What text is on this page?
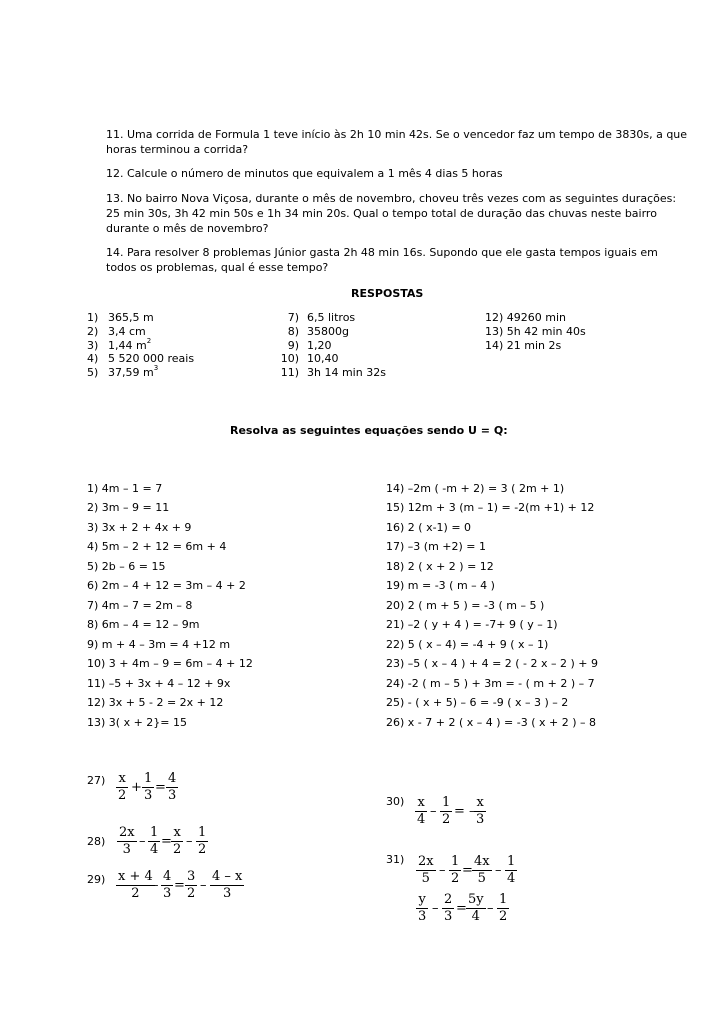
11. Uma corrida de Formula 1 teve início às 2h 10 min 42s. Se o vencedor faz um tempo de 3830s, a que
horas terminou a corrida?
12. Calcule o número de minutos que equivalem a 1 mês 4 dias 5 horas
13. No bairro Nova Viçosa, durante o mês de novembro, choveu três vezes com as seguintes durações:
25 min 30s, 3h 42 min 50s e 1h 34 min 20s. Qual o tempo total de duração das chuvas neste bairro
durante o mês de novembro?
14. Para resolver 8 problemas Júnior gasta 2h 48 min 16s. Supondo que ele gasta tempos iguais em
todos os problemas, qual é esse tempo?
RESPOSTAS
1) 365,5 m
2) 3,4 cm
3) 1,44 $m^2$
4) 5 520 000 reais
5) 37,59 $m^3$
7) 6,5 litros
8) 35800g
9) 1,20
10) 10,40
11) 3h 14 min 32s
12) 49260 min
13) 5h 42 min 40s
14) 21 min 2s
Resolva as seguintes equações sendo U = Q:
1) 4m – 1 = 7
2) 3m – 9 = 11
3) 3x + 2 + 4x + 9
4) 5m – 2 + 12 = 6m + 4
5) 2b – 6 = 15
6) 2m – 4 + 12 = 3m – 4 + 2
7) 4m – 7 = 2m – 8
8) 6m – 4 = 12 – 9m
9) m + 4 – 3m = 4 +12 m
10) 3 + 4m – 9 = 6m – 4 + 12
11) –5 + 3x + 4 – 12 + 9x
12) 3x + 5 - 2 = 2x + 12
13) 3( x + 2}= 15
14) –2m ( -m + 2) = 3 ( 2m + 1)
15) 12m + 3 (m – 1) = -2(m +1) + 12
16) 2 ( x-1) = 0
17) –3 (m +2) = 1
18) 2 ( x + 2 ) = 12
19) m = -3 ( m – 4 )
20) 2 ( m + 5 ) = -3 ( m – 5 )
21) –2 ( y + 4 ) = -7+ 9 ( y – 1)
22) 5 ( x – 4) = -4 + 9 ( x – 1)
23) –5 ( x – 4 ) + 4 = 2 ( - 2 x – 2 ) + 9
24) -2 ( m – 5 ) + 3m = - ( m + 2 ) – 7
25) - ( x + 5) – 6 = -9 ( x – 3 ) – 2
26) x - 7 + 2 ( x – 4 ) = -3 ( x + 2 ) – 8
$27) \frac{x}{2} + \frac{1}{3} = \frac{4}{3}$
$28) \frac{2x}{3} - \frac{1}{4} = \frac{x}{2} - \frac{1}{2}$
$29) \frac{x + 4}{2}$
– $\frac{4}{3} = \frac{3}{2} - \frac{4 - x}{3}$
$30) \frac{x}{4} - \frac{1}{2}$ = –
$\frac{x}{3}$
$31) \frac{2x}{5} - \frac{1}{2} = \frac{4x}{5} - \frac{1}{4}$
$\frac{y}{3} - \frac{2}{3} = \frac{5y}{4} - \frac{1}{2}$
